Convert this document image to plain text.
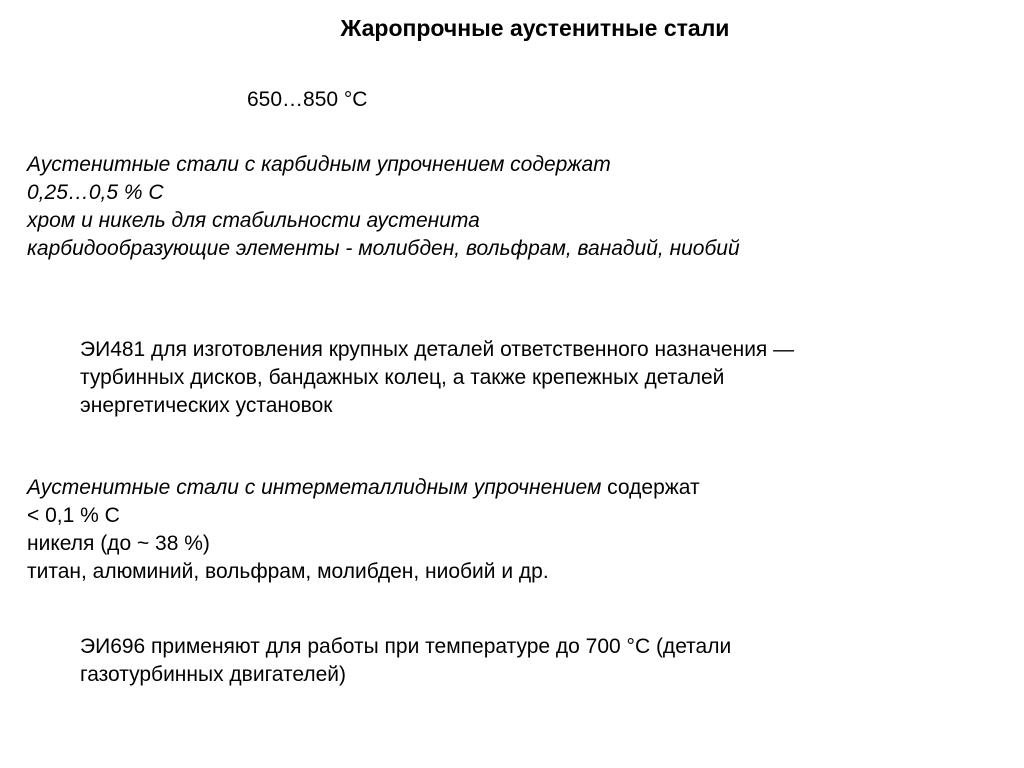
Жаропрочные аустенитные стали
650…850 °С
Аустенитные стали с карбидным упрочнением содержат
0,25…0,5 % С
хром и никель для стабильности аустенита
карбидообразующие элементы - молибден, вольфрам, ванадий, ниобий
ЭИ481 для изготовления крупных деталей ответственного назначения —
турбинных дисков, бандажных колец, а также крепежных деталей
энергетических установок
Аустенитные стали с интерметаллидным упрочнением содержат
< 0,1 % С
никеля (до ~ 38 %)
титан, алюминий, вольфрам, молибден, ниобий и др.
ЭИ696 применяют для работы при температуре до 700 °С (детали
газотурбинных двигателей)
